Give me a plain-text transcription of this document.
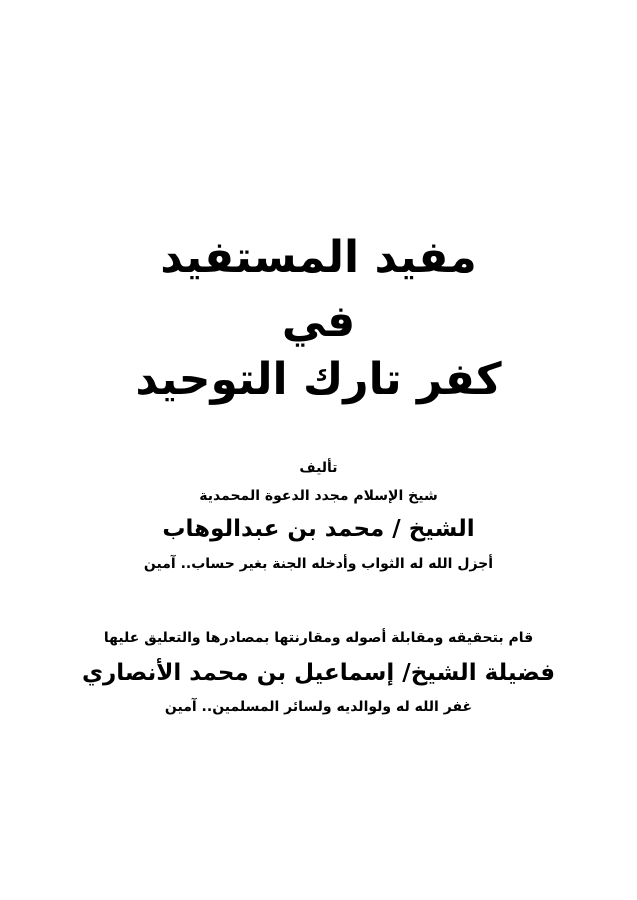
مفيد المستفيد
في
كفر تارك التوحيد
تأليف
شيخ الإسلام مجدد الدعوة المحمدية
الشيخ / محمد بن عبدالوهاب
أجزل الله له الثواب وأدخله الجنة بغير حساب.. آمين
قام بتحقيقه ومقابلة أصوله ومقارنتها بمصادرها والتعليق عليها
فضيلة الشيخ/ إسماعيل بن محمد الأنصاري
غفر الله له ولوالديه ولسائر المسلمين.. آمين
